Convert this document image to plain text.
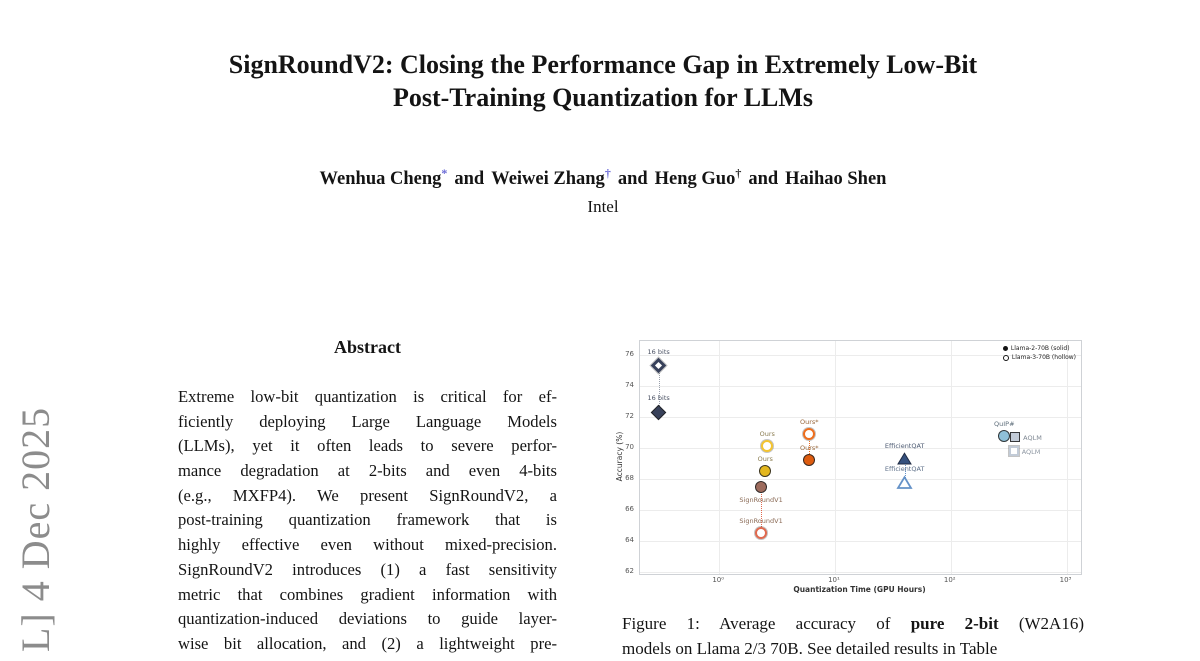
L] 4 Dec 2025
SignRoundV2: Closing the Performance Gap in Extremely Low-Bit
Post-Training Quantization for LLMs
Wenhua Cheng* and Weiwei Zhang† and Heng Guo† and Haihao Shen
Intel
Abstract
Extreme low-bit quantization is critical for ef-
ficiently deploying Large Language Models
(LLMs), yet it often leads to severe perfor-
mance degradation at 2-bits and even 4-bits
(e.g., MXFP4). We present SignRoundV2, a
post-training quantization framework that is
highly effective even without mixed-precision.
SignRoundV2 introduces (1) a fast sensitivity
metric that combines gradient information with
quantization-induced deviations to guide layer-
wise bit allocation, and (2) a lightweight pre-
Llama-2-70B (solid)
Llama-3-70B (hollow)
16 bits
16 bits
Ours
Ours
SignRoundV1
SignRoundV1
Ours*
Ours*	EfficientQAT
EfficientQAT
QuIP#
AQLM
AQLM
Quantization Time (GPU Hours)
Accuracy (%)
10⁰	10¹	10²	10³
62
64
66
68
70
72
74
76
Figure 1: Average accuracy of pure 2-bit (W2A16)
models on Llama 2/3 70B. See detailed results in Table
